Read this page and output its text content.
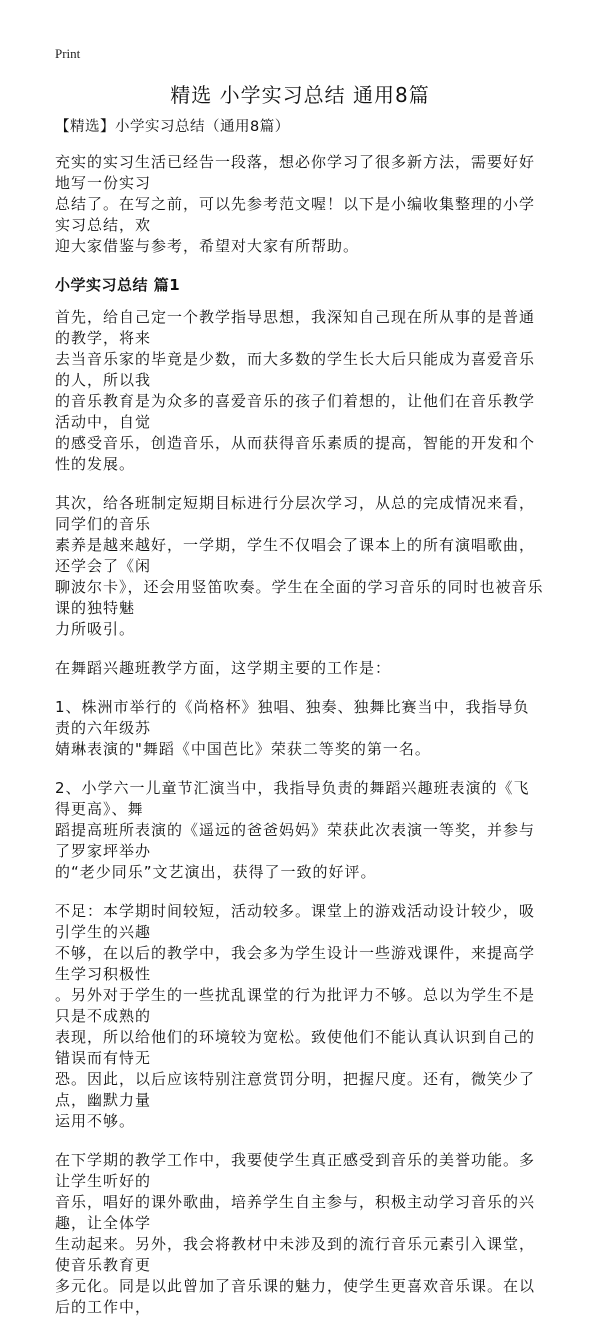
Print
精选 小学实习总结 通用8篇
【精选】小学实习总结（通用8篇）
充实的实习生活已经告一段落，想必你学习了很多新方法，需要好好地写一份实习
总结了。在写之前，可以先参考范文喔！以下是小编收集整理的小学实习总结，欢
迎大家借鉴与参考，希望对大家有所帮助。
小学实习总结 篇1
首先，给自己定一个教学指导思想，我深知自己现在所从事的是普通的教学，将来
去当音乐家的毕竟是少数，而大多数的学生长大后只能成为喜爱音乐的人，所以我
的音乐教育是为众多的喜爱音乐的孩子们着想的，让他们在音乐教学活动中，自觉
的感受音乐，创造音乐，从而获得音乐素质的提高，智能的开发和个性的发展。
其次，给各班制定短期目标进行分层次学习，从总的完成情况来看，同学们的音乐
素养是越来越好，一学期，学生不仅唱会了课本上的所有演唱歌曲，还学会了《闲
聊波尔卡》，还会用竖笛吹奏。学生在全面的学习音乐的同时也被音乐课的独特魅
力所吸引。
在舞蹈兴趣班教学方面，这学期主要的工作是：
1、株洲市举行的《尚格杯》独唱、独奏、独舞比赛当中，我指导负责的六年级苏
婧琳表演的"舞蹈《中国芭比》荣获二等奖的第一名。
2、小学六一儿童节汇演当中，我指导负责的舞蹈兴趣班表演的《飞得更高》、舞
蹈提高班所表演的《遥远的爸爸妈妈》荣获此次表演一等奖，并参与了罗家坪举办
的“老少同乐”文艺演出，获得了一致的好评。
不足：本学期时间较短，活动较多。课堂上的游戏活动设计较少，吸引学生的兴趣
不够，在以后的教学中，我会多为学生设计一些游戏课件，来提高学生学习积极性
。另外对于学生的一些扰乱课堂的行为批评力不够。总以为学生不是只是不成熟的
表现，所以给他们的环境较为宽松。致使他们不能认真认识到自己的错误而有恃无
恐。因此，以后应该特别注意赏罚分明，把握尺度。还有，微笑少了点，幽默力量
运用不够。
在下学期的教学工作中，我要使学生真正感受到音乐的美誉功能。多让学生听好的
音乐，唱好的课外歌曲，培养学生自主参与，积极主动学习音乐的兴趣，让全体学
生动起来。另外，我会将教材中未涉及到的流行音乐元素引入课堂，使音乐教育更
多元化。同是以此曾加了音乐课的魅力，使学生更喜欢音乐课。在以后的工作中，
